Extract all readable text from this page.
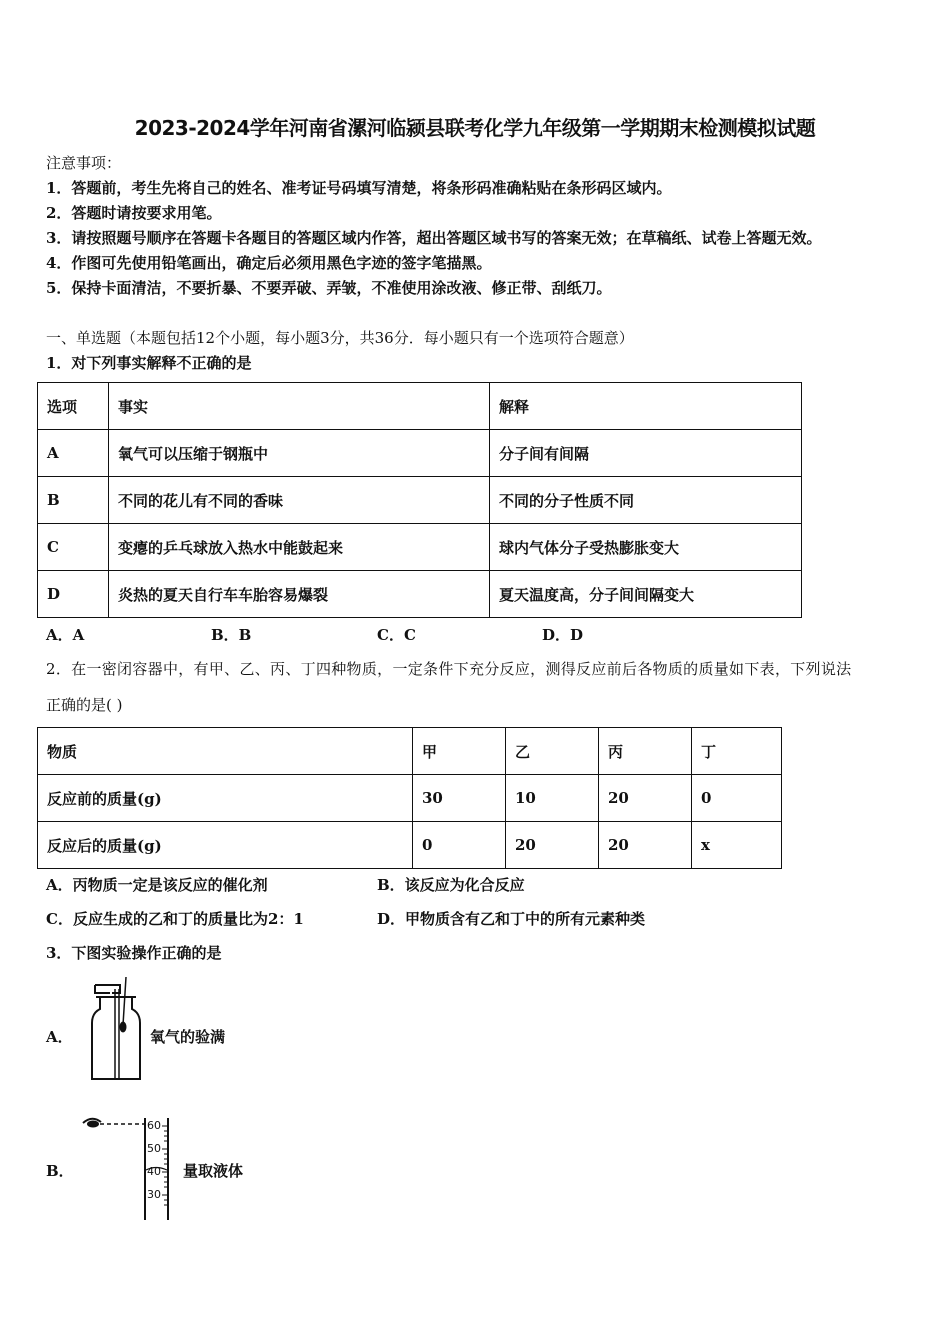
2023-2024学年河南省漯河临颍县联考化学九年级第一学期期末检测模拟试题
注意事项：
1．答题前，考生先将自己的姓名、准考证号码填写清楚，将条形码准确粘贴在条形码区域内。
2．答题时请按要求用笔。
3．请按照题号顺序在答题卡各题目的答题区域内作答，超出答题区域书写的答案无效；在草稿纸、试卷上答题无效。
4．作图可先使用铅笔画出，确定后必须用黑色字迹的签字笔描黑。
5．保持卡面清洁，不要折暴、不要弄破、弄皱，不准使用涂改液、修正带、刮纸刀。
一、单选题（本题包括12个小题，每小题3分，共36分．每小题只有一个选项符合题意）
1．对下列事实解释不正确的是
选项	事实	解释
A	氧气可以压缩于钢瓶中	分子间有间隔
B	不同的花儿有不同的香味	不同的分子性质不同
C	变瘪的乒乓球放入热水中能鼓起来	球内气体分子受热膨胀变大
D	炎热的夏天自行车车胎容易爆裂	夏天温度高，分子间间隔变大
A．A	B．B	C．C	D．D
2．在一密闭容器中，有甲、乙、丙、丁四种物质，一定条件下充分反应，测得反应前后各物质的质量如下表，下列说法
正确的是( )
物质	甲	乙	丙	丁
反应前的质量(g)	30	10	20	0
反应后的质量(g)	0	20	20	x
A．丙物质一定是该反应的催化剂	B．该反应为化合反应
C．反应生成的乙和丁的质量比为2：1	D．甲物质含有乙和丁中的所有元素种类
3．下图实验操作正确的是
A．	氧气的验满
B．
60
50
40
30
量取液体
